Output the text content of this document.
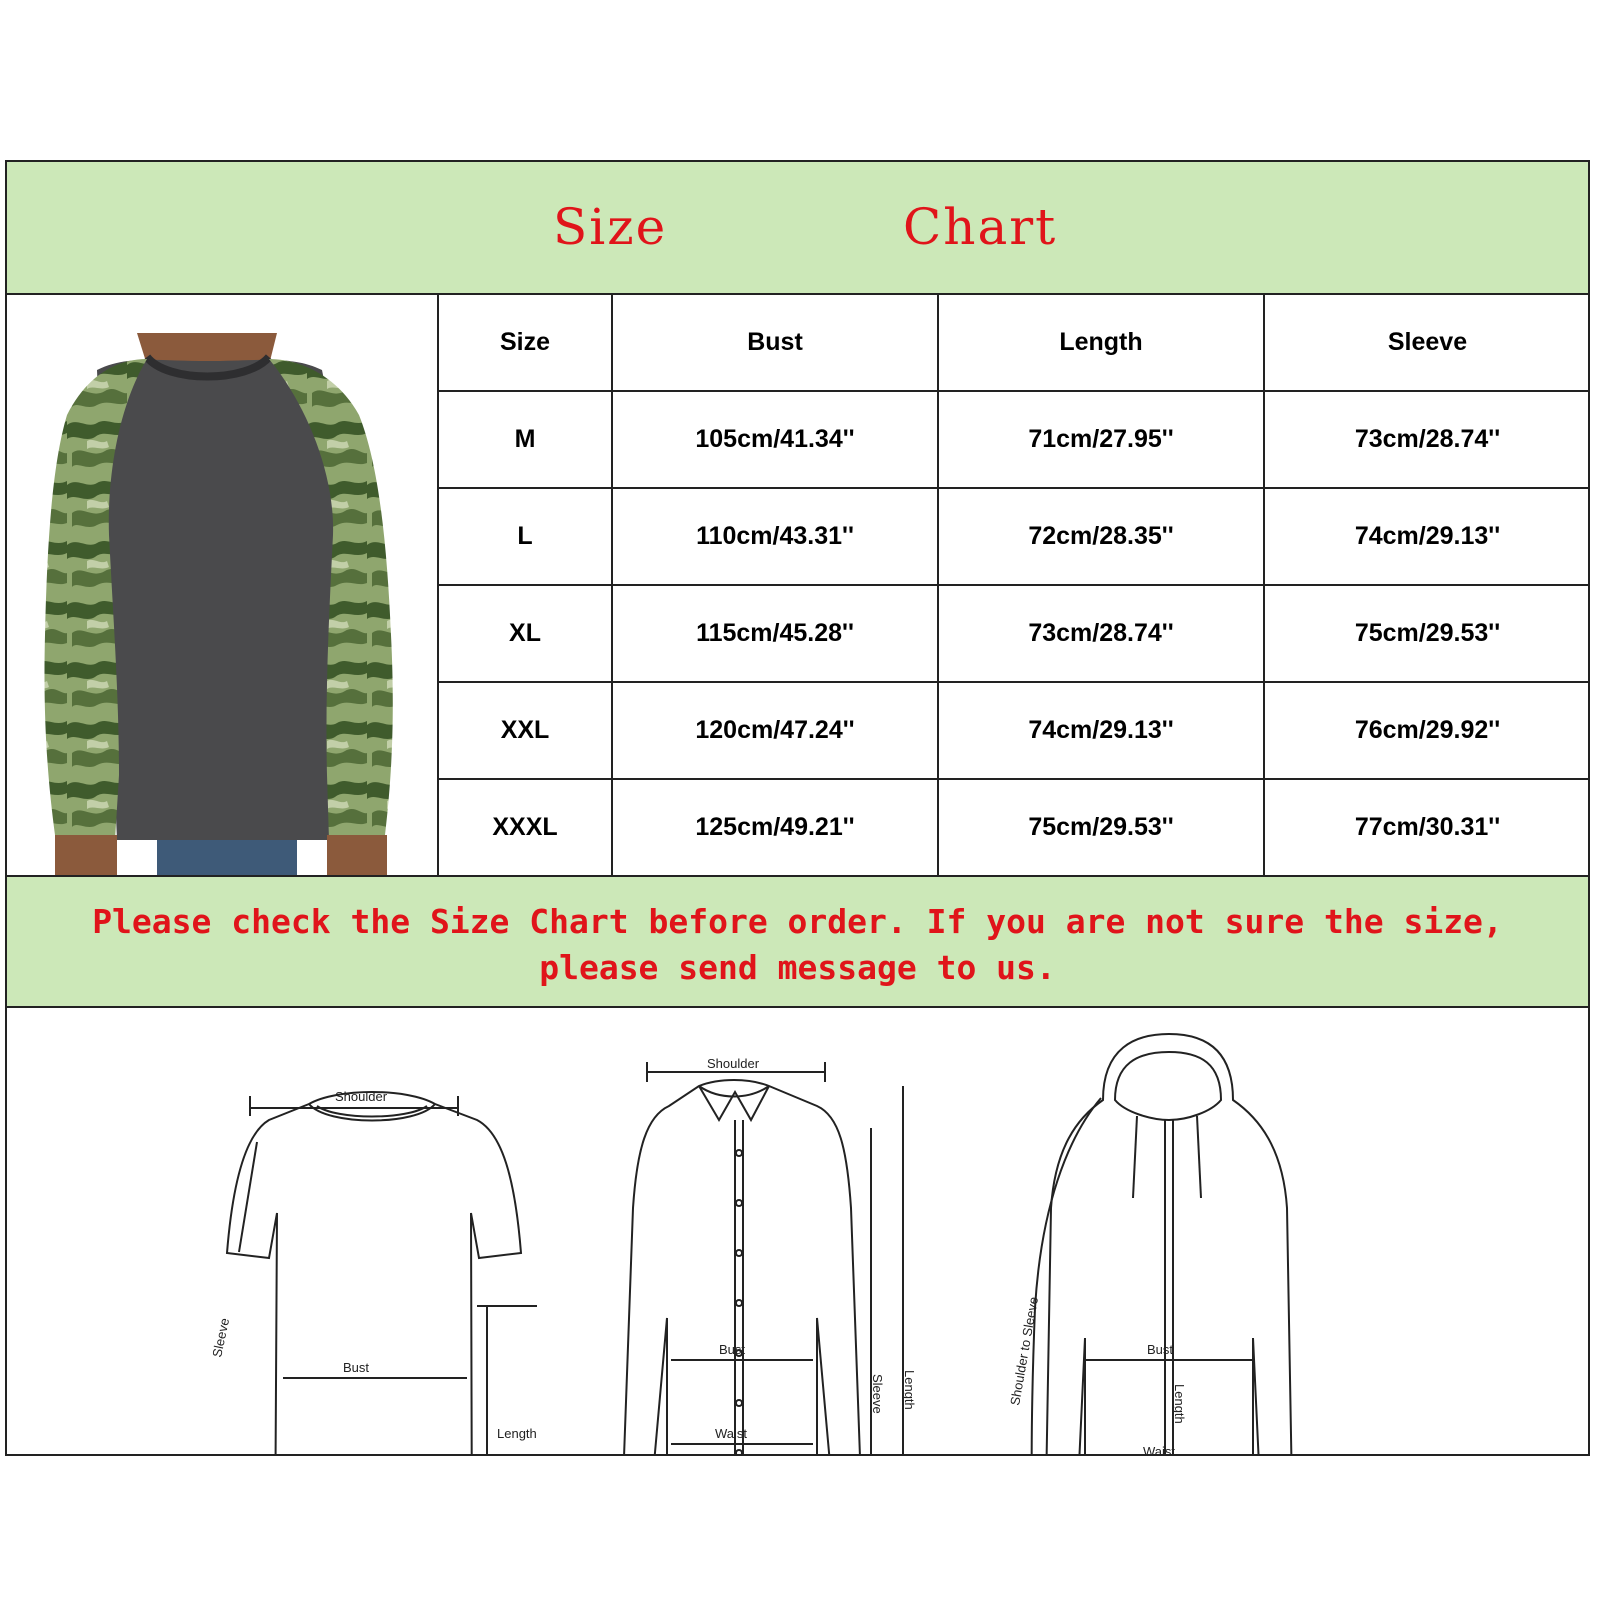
Size	Chart
Size	Bust	Length	Sleeve
M	105cm/41.34''	71cm/27.95''	73cm/28.74''
L	110cm/43.31''	72cm/28.35''	74cm/29.13''
XL	115cm/45.28''	73cm/28.74''	75cm/29.53''
XXL	120cm/47.24''	74cm/29.13''	76cm/29.92''
XXXL	125cm/49.21''	75cm/29.53''	77cm/30.31''
Please check the Size Chart before order. If you are not sure the size,
please send message to us.
Shoulder
Bust
Length
Sleeve
Shoulder
Bust
Waist
Sleeve Length	Shoulder to Sleeve	Bust
Length
Waist
